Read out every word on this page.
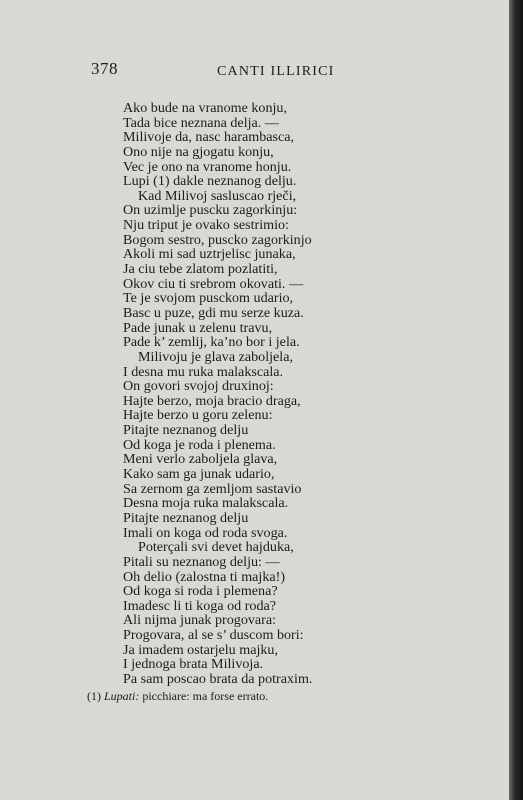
378	CANTI ILLIRICI
Ako bude na vranome konju,
Tada bice neznana delja. —
Milivoje da, nasc harambasca,
Ono nije na gjogatu konju,
Vec je ono na vranome honju.
Lupi (1) dakle neznanog delju.
Kad Milivoj sasluscao rječi,
On uzimlje puscku zagorkinju:
Nju triput je ovako sestrimio:
Bogom sestro, puscko zagorkinjo
Akoli mi sad uztrjelisc junaka,
Ja ciu tebe zlatom pozlatiti,
Okov ciu ti srebrom okovati. —
Te je svojom pusckom udario,
Basc u puze, gdi mu serze kuza.
Pade junak u zelenu travu,
Pade k’ zemlij, ka’no bor i jela.
Milivoju je glava zaboljela,
I desna mu ruka malakscala.
On govori svojoj druxinoj:
Hajte berzo, moja bracio draga,
Hajte berzo u goru zelenu:
Pitajte neznanog delju
Od koga je roda i plenema.
Meni verlo zaboljela glava,
Kako sam ga junak udario,
Sa zernom ga zemljom sastavio
Desna moja ruka malakscala.
Pitajte neznanog delju
Imali on koga od roda svoga.
Poterçali svi devet hajduka,
Pitali su neznanog delju: —
Oh delio (zalostna ti majka!)
Od koga si roda i plemena?
Imadesc li ti koga od roda?
Ali nijma junak progovara:
Progovara, al se s’ duscom bori:
Ja imadem ostarjelu majku,
I jednoga brata Milivoja.
Pa sam poscao brata da potraxim.
(1) Lupati: picchiare: ma forse errato.
